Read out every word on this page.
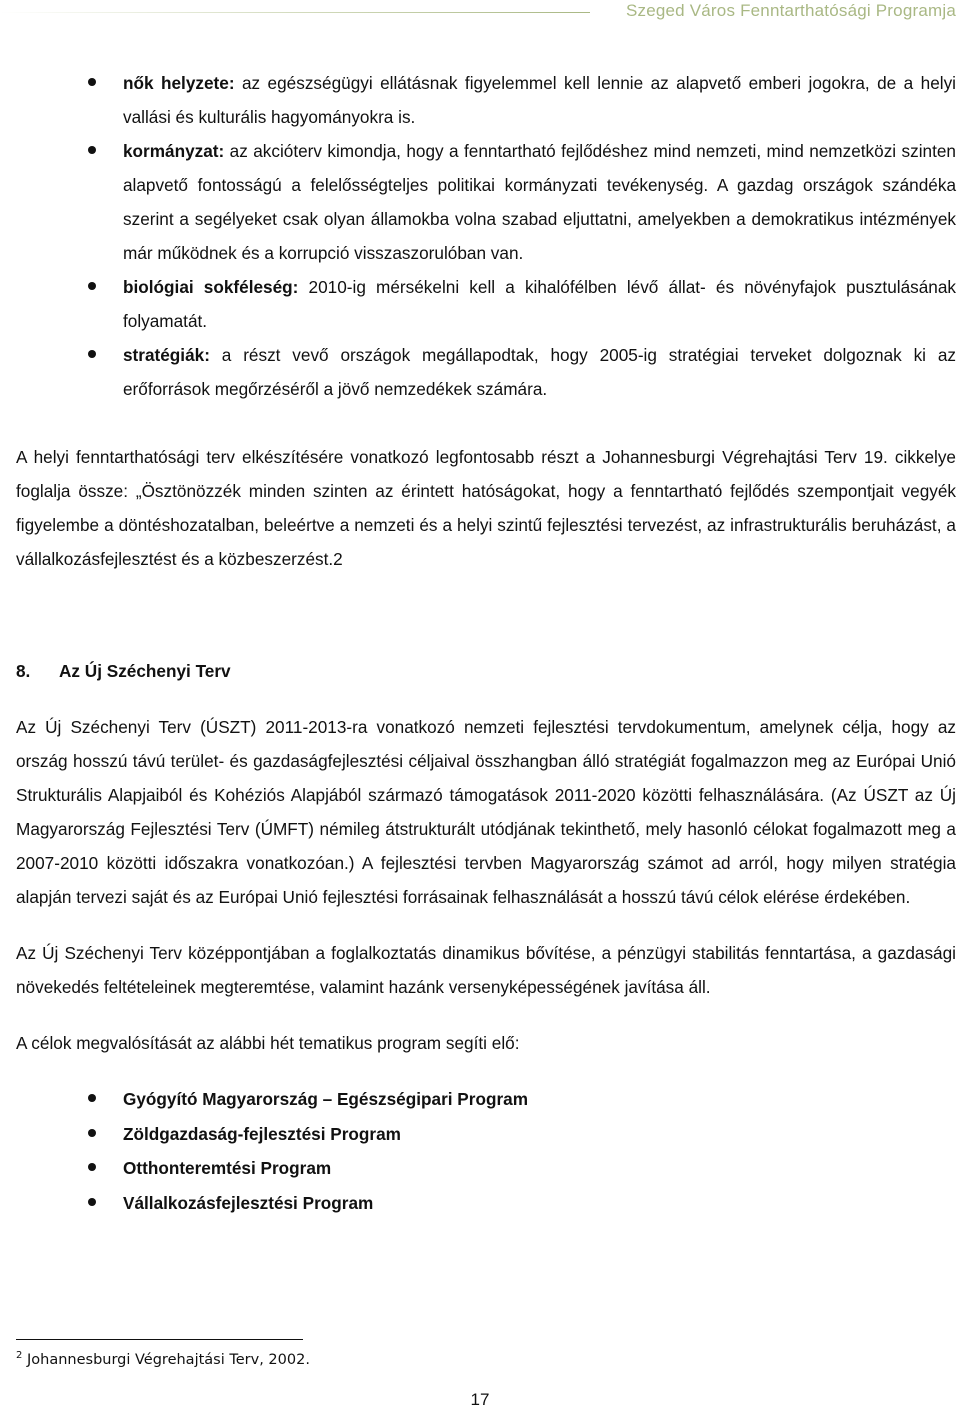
Szeged Város Fenntarthatósági Programja
nők helyzete: az egészségügyi ellátásnak figyelemmel kell lennie az alapvető emberi jogokra, de a helyi vallási és kulturális hagyományokra is.
kormányzat: az akcióterv kimondja, hogy a fenntartható fejlődéshez mind nemzeti, mind nemzetközi szinten alapvető fontosságú a felelősségteljes politikai kormányzati tevékenység. A gazdag országok szándéka szerint a segélyeket csak olyan államokba volna szabad eljuttatni, amelyekben a demokratikus intézmények már működnek és a korrupció visszaszorulóban van.
biológiai sokféleség: 2010-ig mérsékelni kell a kihalófélben lévő állat- és növényfajok pusztulásának folyamatát.
stratégiák: a részt vevő országok megállapodtak, hogy 2005-ig stratégiai terveket dolgoznak ki az erőforrások megőrzéséről a jövő nemzedékek számára.

A helyi fenntarthatósági terv elkészítésére vonatkozó legfontosabb részt a Johannesburgi Végrehajtási Terv 19. cikkelye foglalja össze: „Ösztönözzék minden szinten az érintett hatóságokat, hogy a fenntartható fejlődés szempontjait vegyék figyelembe a döntéshozatalban, beleértve a nemzeti és a helyi szintű fejlesztési tervezést, az infrastrukturális beruházást, a vállalkozásfejlesztést és a közbeszerzést.2

8. Az Új Széchenyi Terv

Az Új Széchenyi Terv (ÚSZT) 2011-2013-ra vonatkozó nemzeti fejlesztési tervdokumentum, amelynek célja, hogy az ország hosszú távú terület- és gazdaságfejlesztési céljaival összhangban álló stratégiát fogalmazzon meg az Európai Unió Strukturális Alapjaiból és Kohéziós Alapjából származó támogatások 2011-2020 közötti felhasználására. (Az ÚSZT az Új Magyarország Fejlesztési Terv (ÚMFT) némileg átstrukturált utódjának tekinthető, mely hasonló célokat fogalmazott meg a 2007-2010 közötti időszakra vonatkozóan.) A fejlesztési tervben Magyarország számot ad arról, hogy milyen stratégia alapján tervezi saját és az Európai Unió fejlesztési forrásainak felhasználását a hosszú távú célok elérése érdekében.

Az Új Széchenyi Terv középpontjában a foglalkoztatás dinamikus bővítése, a pénzügyi stabilitás fenntartása, a gazdasági növekedés feltételeinek megteremtése, valamint hazánk versenyképességének javítása áll.

A célok megvalósítását az alábbi hét tematikus program segíti elő:

Gyógyító Magyarország – Egészségipari Program
Zöldgazdaság-fejlesztési Program
Otthonteremtési Program
Vállalkozásfejlesztési Program
$^2$ Johannesburgi Végrehajtási Terv, 2002.
17
